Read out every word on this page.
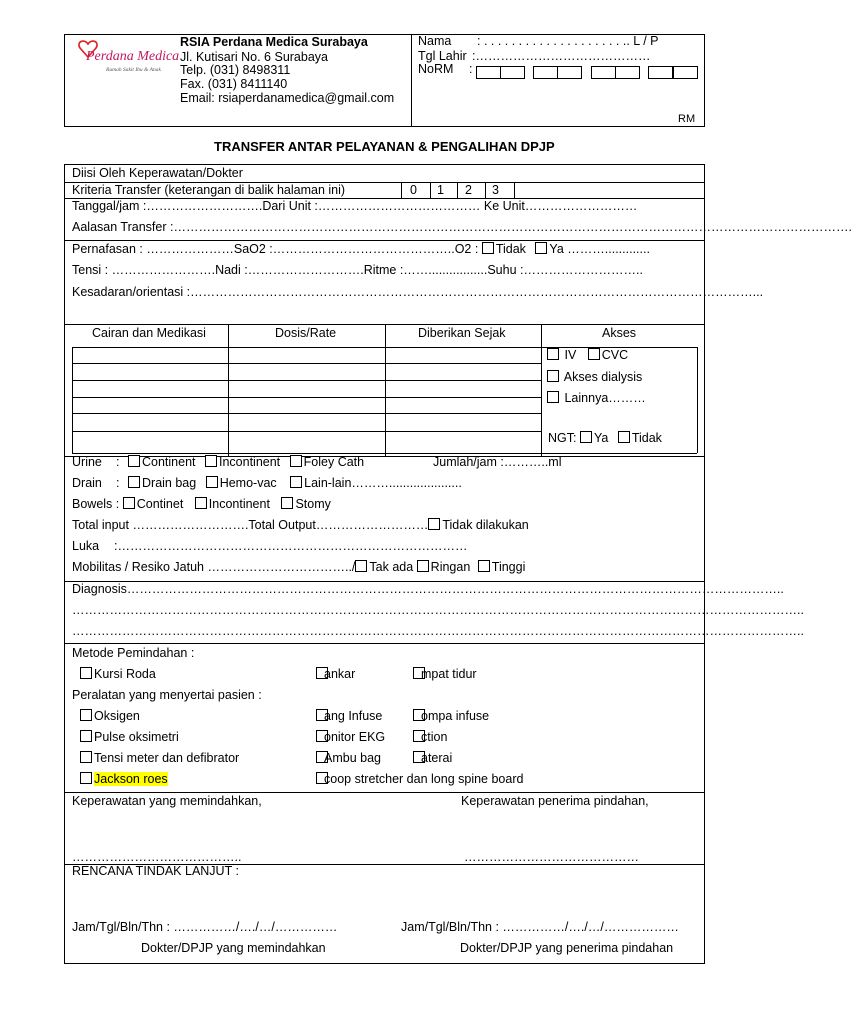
Perdana Medica
Rumah Sakit Ibu & Anak
RSIA Perdana Medica Surabaya
Jl. Kutisari No. 6 Surabaya
Telp. (031) 8498311
Fax. (031) 8411140
Email: rsiaperdanamedica@gmail.com
Nama : . . . . . . . . . . . . . . . . . . . . .. L / P
Tgl Lahir :……………………………………
NoRM :
RM
TRANSFER ANTAR PELAYANAN & PENGALIHAN DPJP
Diisi Oleh Keperawatan/Dokter
Kriteria Transfer (keterangan di balik halaman ini)	0 1 2 3
Tanggal/jam :……………………….Dari Unit :………………………………… Ke Unit………………………
Aalasan Transfer :……………………………………………………………………………………………………………………………………………….
Pernafasan : …………………SaO2 :……………………………………..O2 : Tidak Ya ……….............
Tensi : …………………….Nadi :……………………….Ritme :…….................Suhu :………………………..
Kesadaran/orientasi :………………………………………………………………………………………………………………………...
Cairan dan Medikasi	Dosis/Rate	Diberikan Sejak	Akses
IV CVC
Akses dialysis
Lainnya………
NGT: Ya Tidak
Urine : Continent Incontinent Foley Cath	Jumlah/jam :………..ml
Drain : Drain bag Hemo-vac Lain-lain……….....................
Bowels : Continet Incontinent Stomy
Total input ……………………….Total Output……………………… Tidak dilakukan
Luka :…………………………………………………………………………
Mobilitas / Resiko Jatuh ……………………………../ Tak ada Ringan Tinggi
Diagnosis…………………………………………………………………………………………………………………………………………..
…………………………………………………………………………………………………………………………………………………………..
…………………………………………………………………………………………………………………………………………………………..
Metode Pemindahan :
Kursi Roda	ankar	mpat tidur
Peralatan yang menyertai pasien :
Oksigen	ang Infuse	ompa infuse
Pulse oksimetri	onitor EKG	ction
Tensi meter dan defibrator	Ambu bag	aterai
Jackson roes	coop stretcher dan long spine board
Keperawatan yang memindahkan,	Keperawatan penerima pindahan,
…………………………………..	……………………………………
RENCANA TINDAK LANJUT :
Jam/Tgl/Bln/Thn : ……………/…./…/……………	Jam/Tgl/Bln/Thn : ……………/…./…/………………
Dokter/DPJP yang memindahkan	Dokter/DPJP yang penerima pindahan
